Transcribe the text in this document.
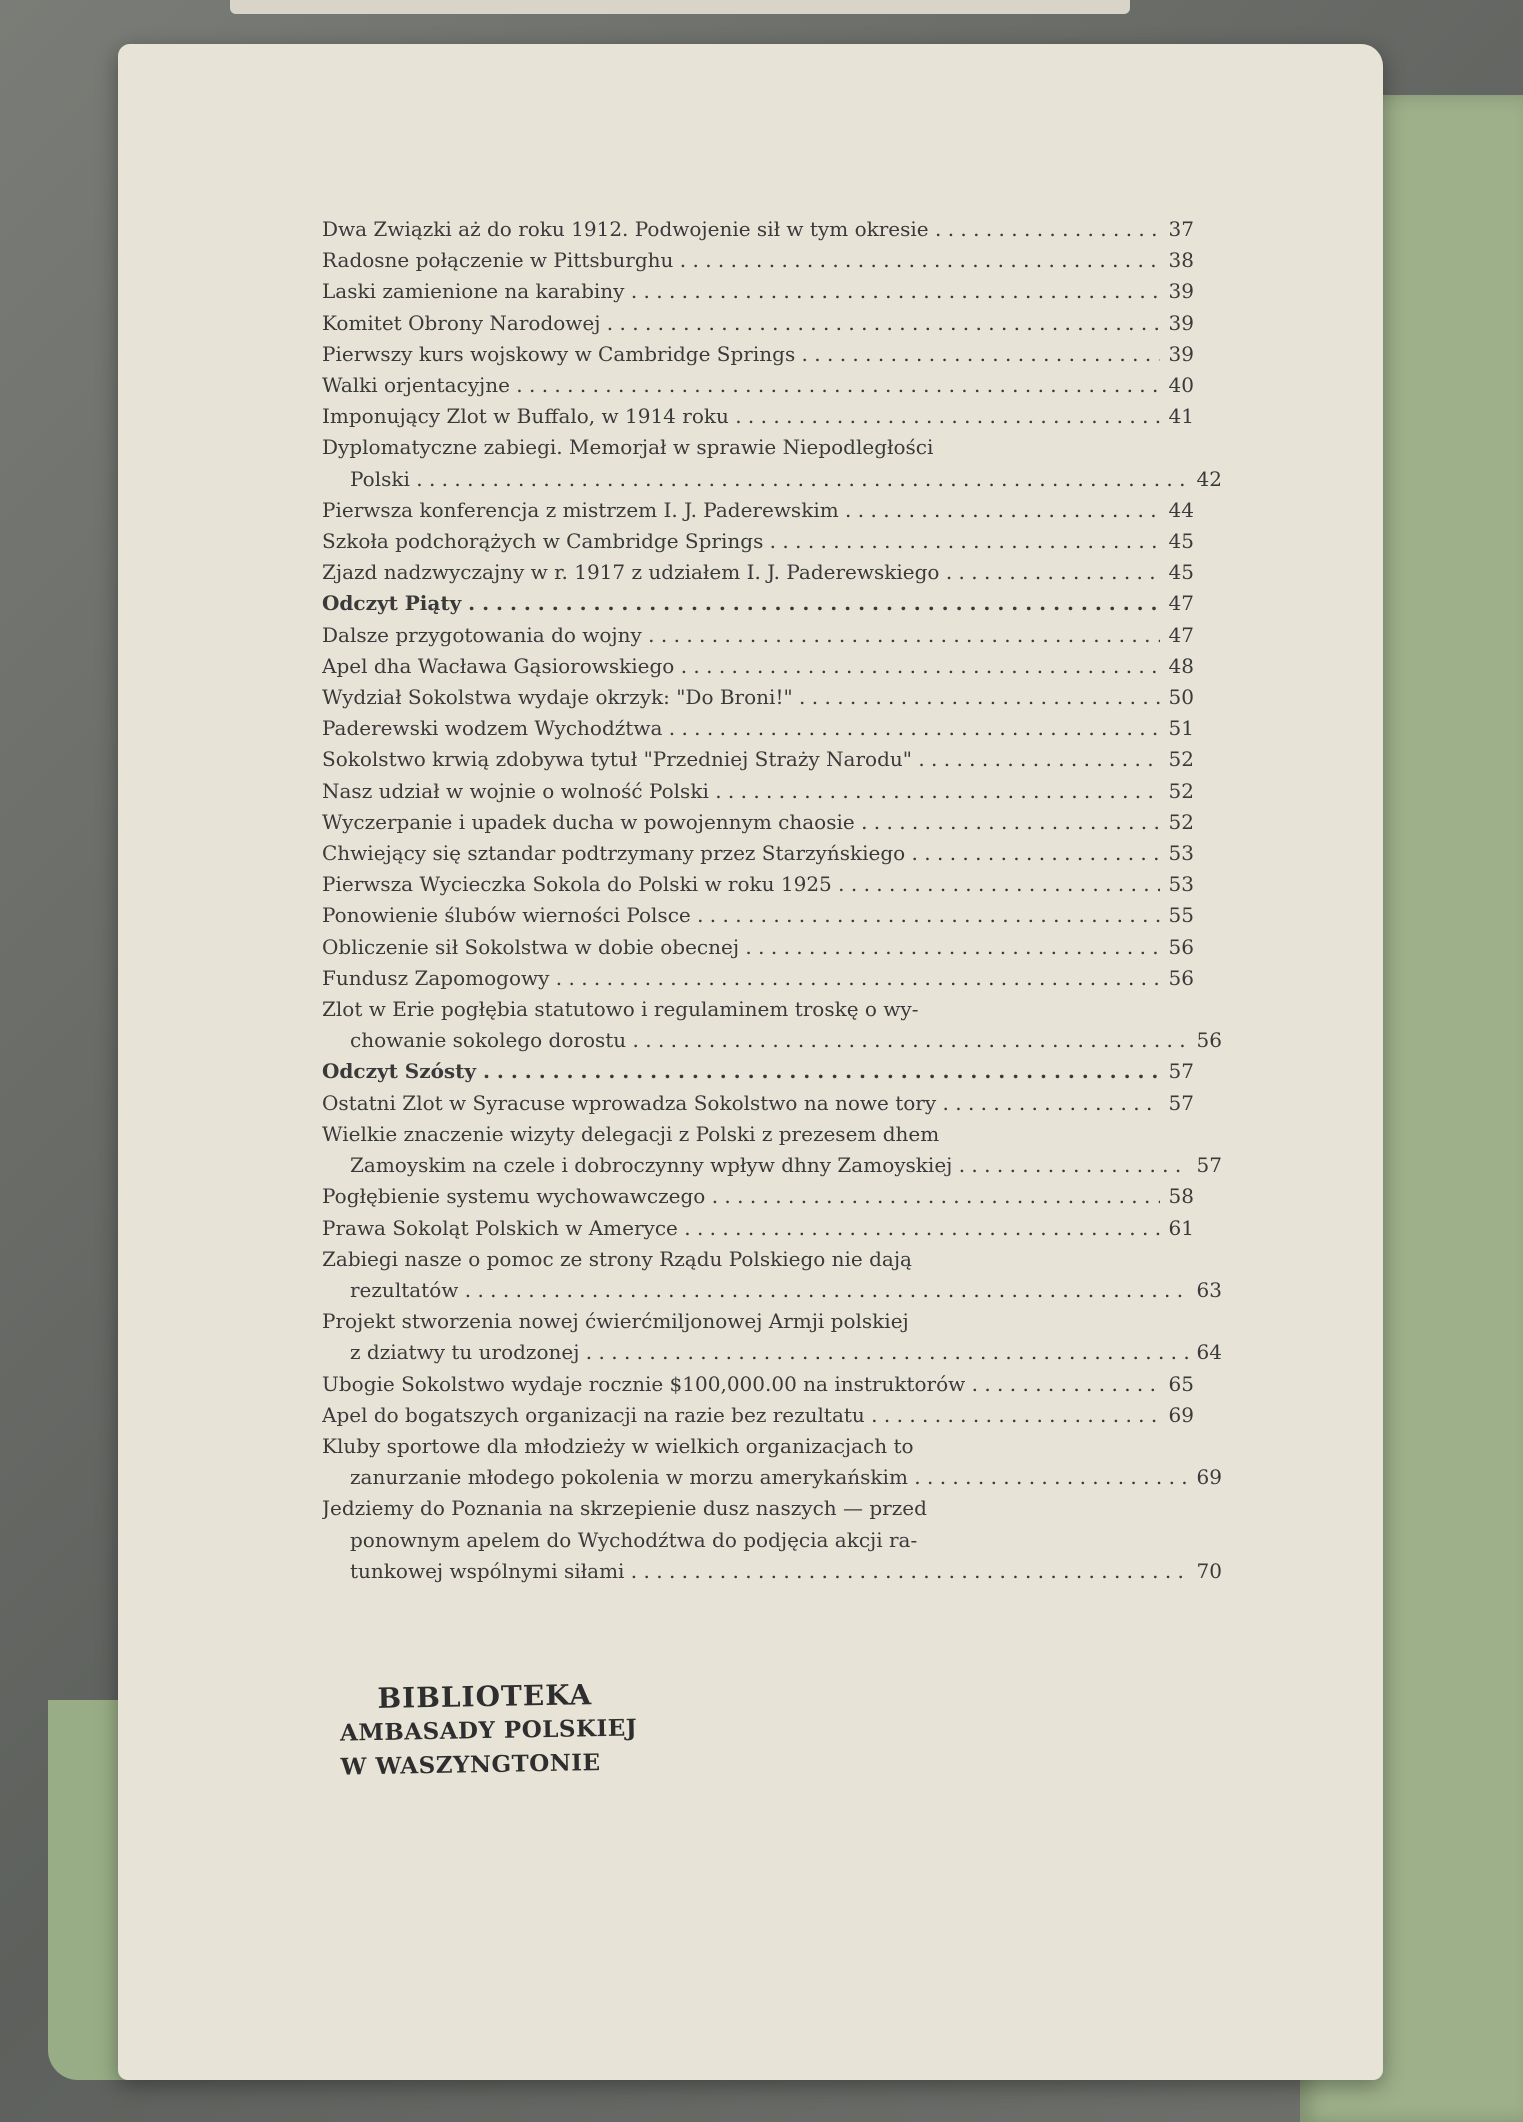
Dwa Związki aż do roku 1912. Podwojenie sił w tym okresie . . .	37
Radosne połączenie w Pittsburghu . . .	38
Laski zamienione na karabiny . . .	39
Komitet Obrony Narodowej . . .	39
Pierwszy kurs wojskowy w Cambridge Springs . . .	39
Walki orjentacyjne . . .	40
Imponujący Zlot w Buffalo, w 1914 roku . . .	41
Dyplomatyczne zabiegi. Memorjał w sprawie Niepodległości
Polski . . .	42
Pierwsza konferencja z mistrzem I. J. Paderewskim . . .	44
Szkoła podchorążych w Cambridge Springs . . .	45
Zjazd nadzwyczajny w r. 1917 z udziałem I. J. Paderewskiego . . .	45
Odczyt Piąty . . .	47
Dalsze przygotowania do wojny . . .	47
Apel dha Wacława Gąsiorowskiego . . .	48
Wydział Sokolstwa wydaje okrzyk: "Do Broni!" . . .	50
Paderewski wodzem Wychodźtwa . . .	51
Sokolstwo krwią zdobywa tytuł "Przedniej Straży Narodu" . . .	52
Nasz udział w wojnie o wolność Polski . . .	52
Wyczerpanie i upadek ducha w powojennym chaosie . . .	52
Chwiejący się sztandar podtrzymany przez Starzyńskiego . . .	53
Pierwsza Wycieczka Sokola do Polski w roku 1925 . . .	53
Ponowienie ślubów wierności Polsce . . .	55
Obliczenie sił Sokolstwa w dobie obecnej . . .	56
Fundusz Zapomogowy . . .	56
Zlot w Erie pogłębia statutowo i regulaminem troskę o wy-
chowanie sokolego dorostu . . .	56
Odczyt Szósty . . .	57
Ostatni Zlot w Syracuse wprowadza Sokolstwo na nowe tory . . .	57
Wielkie znaczenie wizyty delegacji z Polski z prezesem dhem
Zamoyskim na czele i dobroczynny wpływ dhny Zamoyskiej . . .	57
Pogłębienie systemu wychowawczego . . .	58
Prawa Sokoląt Polskich w Ameryce . . .	61
Zabiegi nasze o pomoc ze strony Rządu Polskiego nie dają
rezultatów . . .	63
Projekt stworzenia nowej ćwierćmiljonowej Armji polskiej
z dziatwy tu urodzonej . . .	64
Ubogie Sokolstwo wydaje rocznie $100,000.00 na instruktorów . . .	65
Apel do bogatszych organizacji na razie bez rezultatu . . .	69
Kluby sportowe dla młodzieży w wielkich organizacjach to
zanurzanie młodego pokolenia w morzu amerykańskim . . .	69
Jedziemy do Poznania na skrzepienie dusz naszych — przed
ponownym apelem do Wychodźtwa do podjęcia akcji ra-
tunkowej wspólnymi siłami . . .	70
BIBLIOTEKA
AMBASADY POLSKIEJ
W WASZYNGTONIE
